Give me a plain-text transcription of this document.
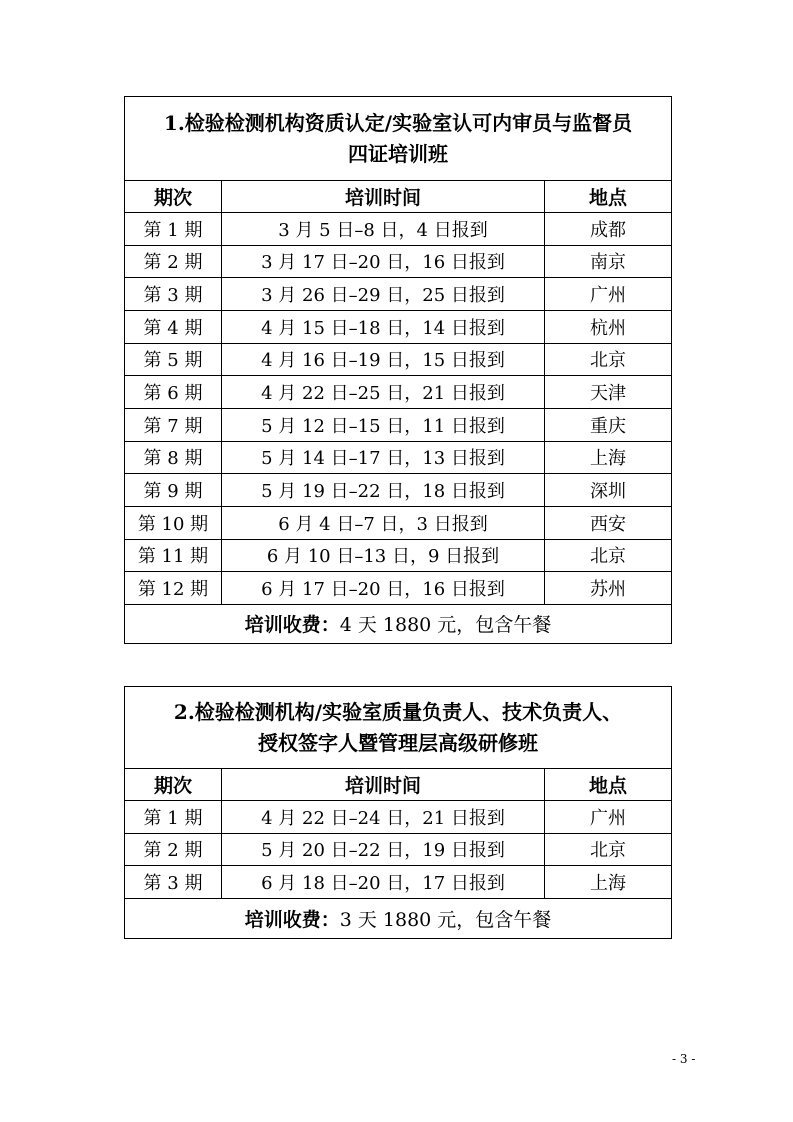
1.检验检测机构资质认定/实验室认可内审员与监督员
四证培训班		

期次	培训时间	地点
第 1 期	3 月 5 日–8 日，4 日报到	成都
第 2 期	3 月 17 日–20 日，16 日报到	南京
第 3 期	3 月 26 日–29 日，25 日报到	广州
第 4 期	4 月 15 日–18 日，14 日报到	杭州
第 5 期	4 月 16 日–19 日，15 日报到	北京
第 6 期	4 月 22 日–25 日，21 日报到	天津
第 7 期	5 月 12 日–15 日，11 日报到	重庆
第 8 期	5 月 14 日–17 日，13 日报到	上海
第 9 期	5 月 19 日–22 日，18 日报到	深圳
第 10 期	6 月 4 日–7 日，3 日报到	西安
第 11 期	6 月 10 日–13 日，9 日报到	北京
第 12 期	6 月 17 日–20 日，16 日报到	苏州
培训收费：4 天 1880 元，包含午餐		
2.检验检测机构/实验室质量负责人、技术负责人、
授权签字人暨管理层高级研修班		

期次	培训时间	地点
第 1 期	4 月 22 日–24 日，21 日报到	广州
第 2 期	5 月 20 日–22 日，19 日报到	北京
第 3 期	6 月 18 日–20 日，17 日报到	上海
培训收费：3 天 1880 元，包含午餐		
- 3 -
